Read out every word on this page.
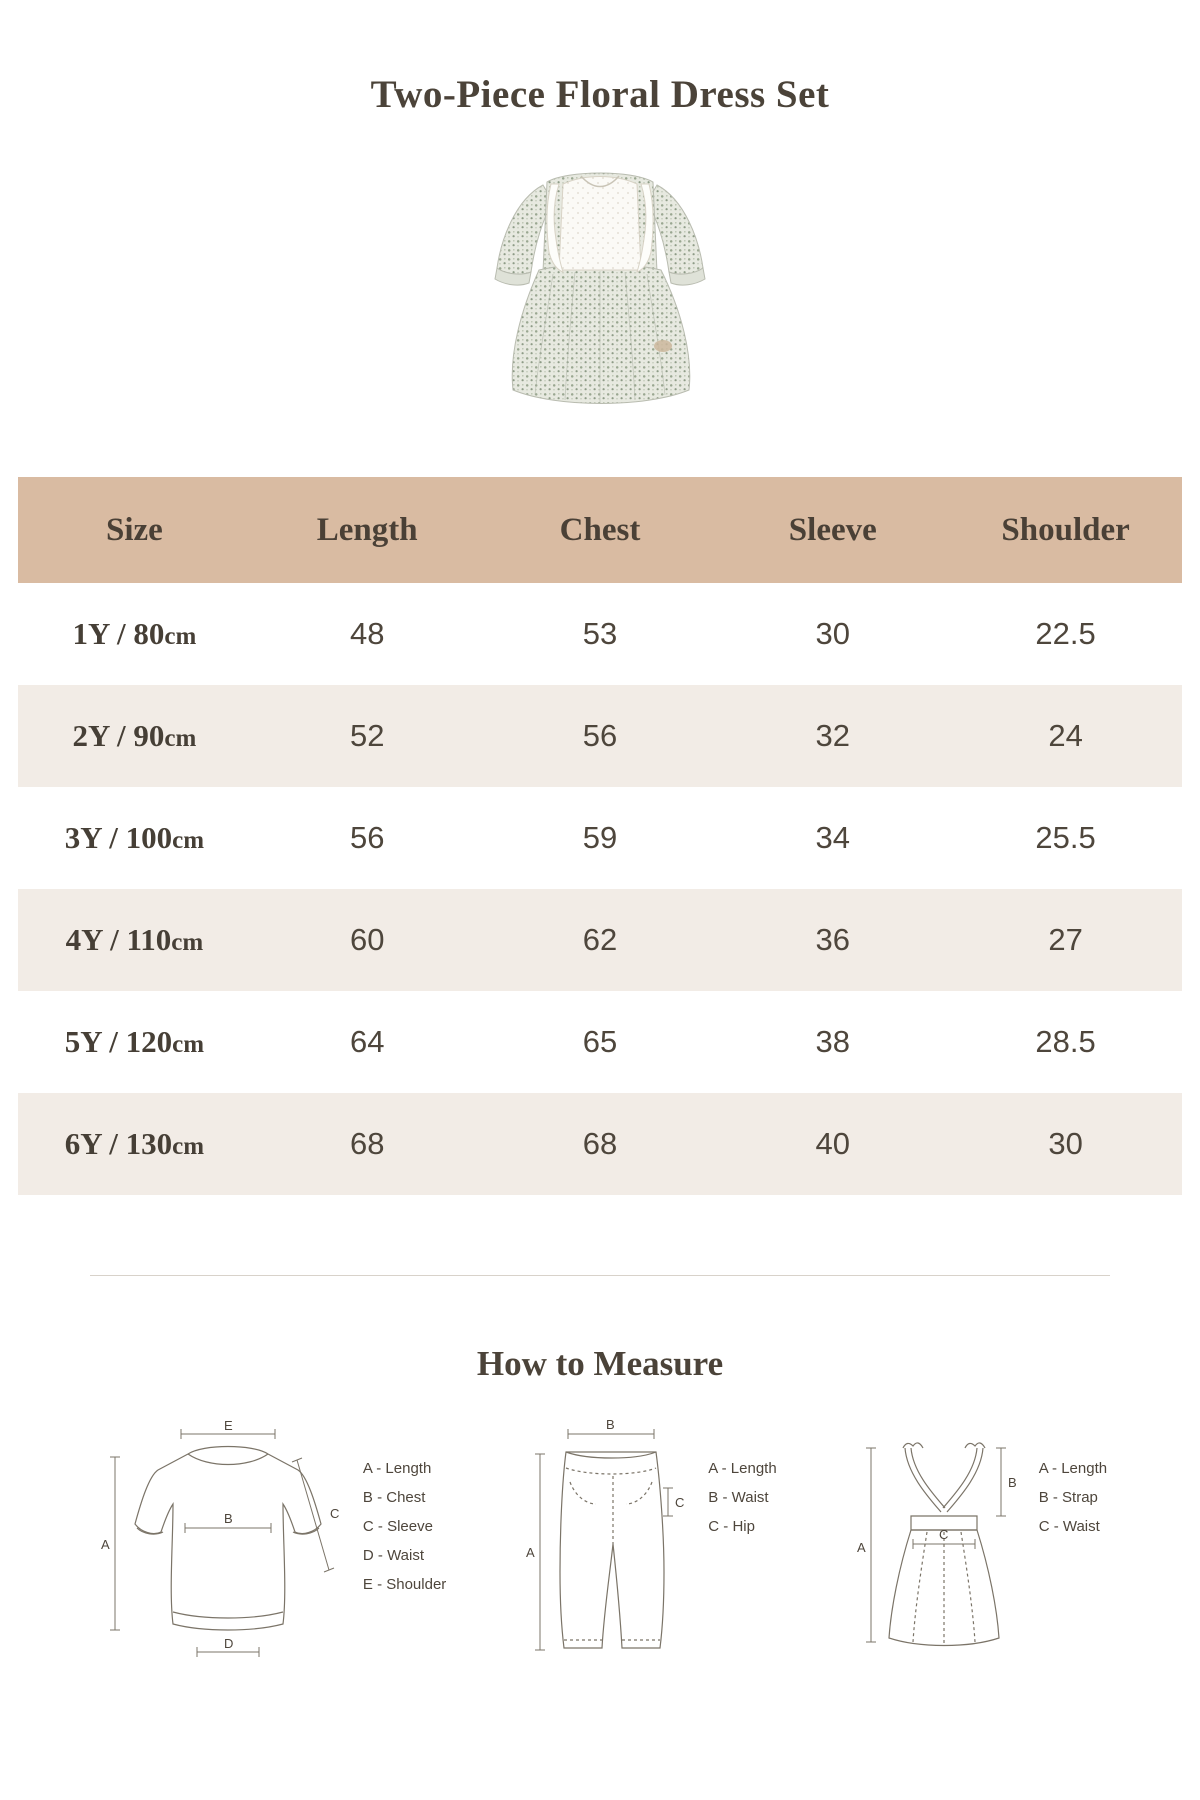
Two-Piece Floral Dress Set
Size	Length	Chest	Sleeve	Shoulder
1Y / 80cm	48	53	30	22.5
2Y / 90cm	52	56	32	24
3Y / 100cm	56	59	34	25.5
4Y / 110cm	60	62	36	27
5Y / 120cm	64	65	38	28.5
6Y / 130cm	68	68	40	30
How to Measure
A
E
B	C
D
A - Length
B - Chest
C - Sleeve
D - Waist
E - Shoulder
B
A
C
A - Length
B - Waist
C - Hip
A
B
C
A - Length
B - Strap
C - Waist
